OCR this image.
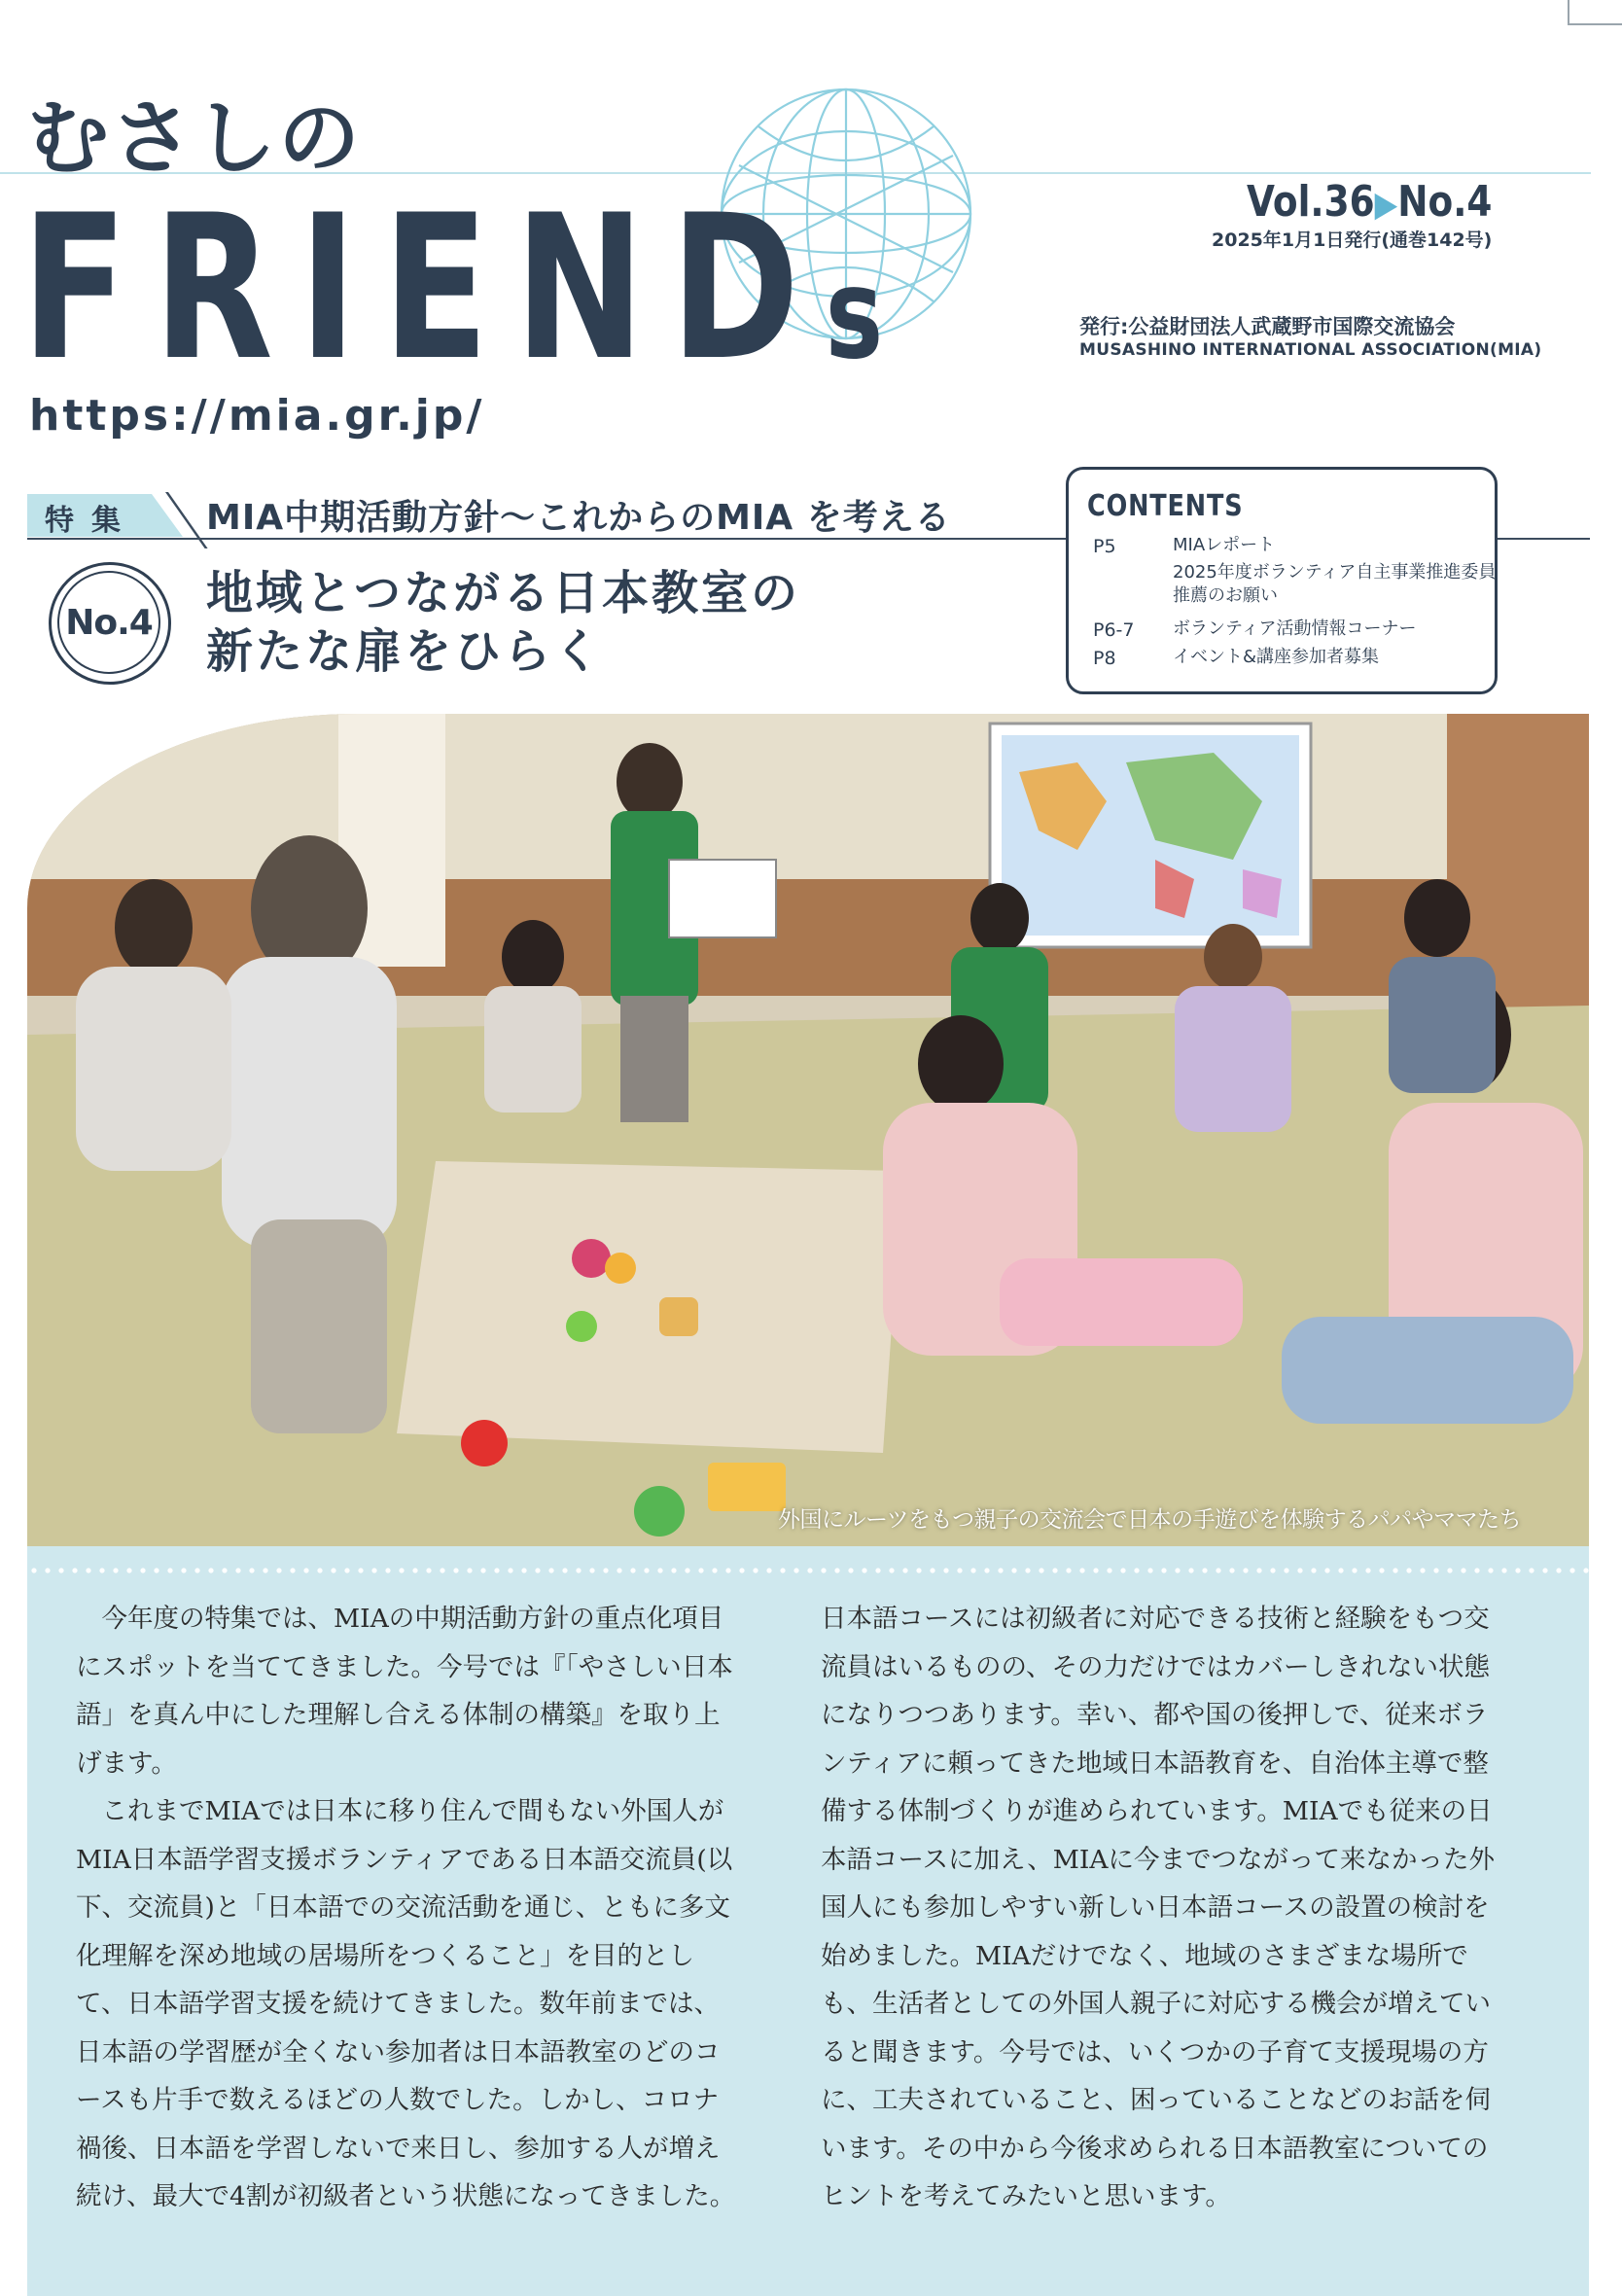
むさしの
FRIENDs
https://mia.gr.jp/
Vol.36▶No.4
2025年1月1日発行(通巻142号)
発行:公益財団法人武蔵野市国際交流協会
MUSASHINO INTERNATIONAL ASSOCIATION(MIA)
特集 MIA中期活動方針〜これからのMIA を考える
No.4
地域とつながる日本教室の
新たな扉をひらく
CONTENTS
P5	MIAレポート
2025年度ボランティア自主事業推進委員
推薦のお願い
P6-7 ボランティア活動情報コーナー
P8	イベント&講座参加者募集
外国にルーツをもつ親子の交流会で日本の手遊びを体験するパパやママたち

今年度の特集では、MIAの中期活動方針の重点化項目にスポットを当ててきました。今号では『「やさしい日本語」を真ん中にした理解し合える体制の構築』を取り上げます。

これまでMIAでは日本に移り住んで間もない外国人がMIA日本語学習支援ボランティアである日本語交流員(以下、交流員)と「日本語での交流活動を通じ、ともに多文化理解を深め地域の居場所をつくること」を目的として、日本語学習支援を続けてきました。数年前までは、日本語の学習歴が全くない参加者は日本語教室のどのコースも片手で数えるほどの人数でした。しかし、コロナ禍後、日本語を学習しないで来日し、参加する人が増え続け、最大で4割が初級者という状態になってきました。

日本語コースには初級者に対応できる技術と経験をもつ交流員はいるものの、その力だけではカバーしきれない状態になりつつあります。幸い、都や国の後押しで、従来ボランティアに頼ってきた地域日本語教育を、自治体主導で整備する体制づくりが進められています。MIAでも従来の日本語コースに加え、MIAに今までつながって来なかった外国人にも参加しやすい新しい日本語コースの設置の検討を始めました。MIAだけでなく、地域のさまざまな場所でも、生活者としての外国人親子に対応する機会が増えていると聞きます。今号では、いくつかの子育て支援現場の方に、工夫されていること、困っていることなどのお話を伺います。その中から今後求められる日本語教室についてのヒントを考えてみたいと思います。
